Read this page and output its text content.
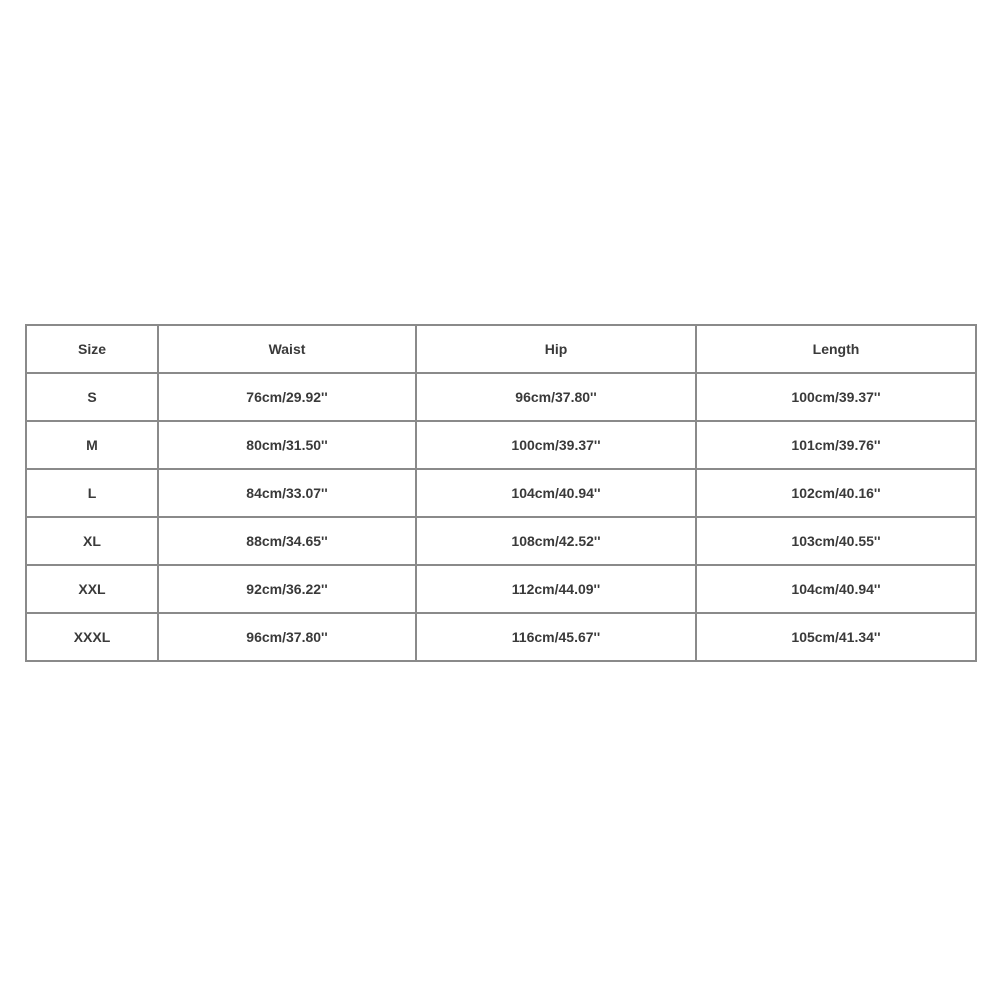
Size	Waist	Hip	Length
S	76cm/29.92''	96cm/37.80''	100cm/39.37''
M	80cm/31.50''	100cm/39.37''	101cm/39.76''
L	84cm/33.07''	104cm/40.94''	102cm/40.16''
XL	88cm/34.65''	108cm/42.52''	103cm/40.55''
XXL	92cm/36.22''	112cm/44.09''	104cm/40.94''
XXXL	96cm/37.80''	116cm/45.67''	105cm/41.34''
